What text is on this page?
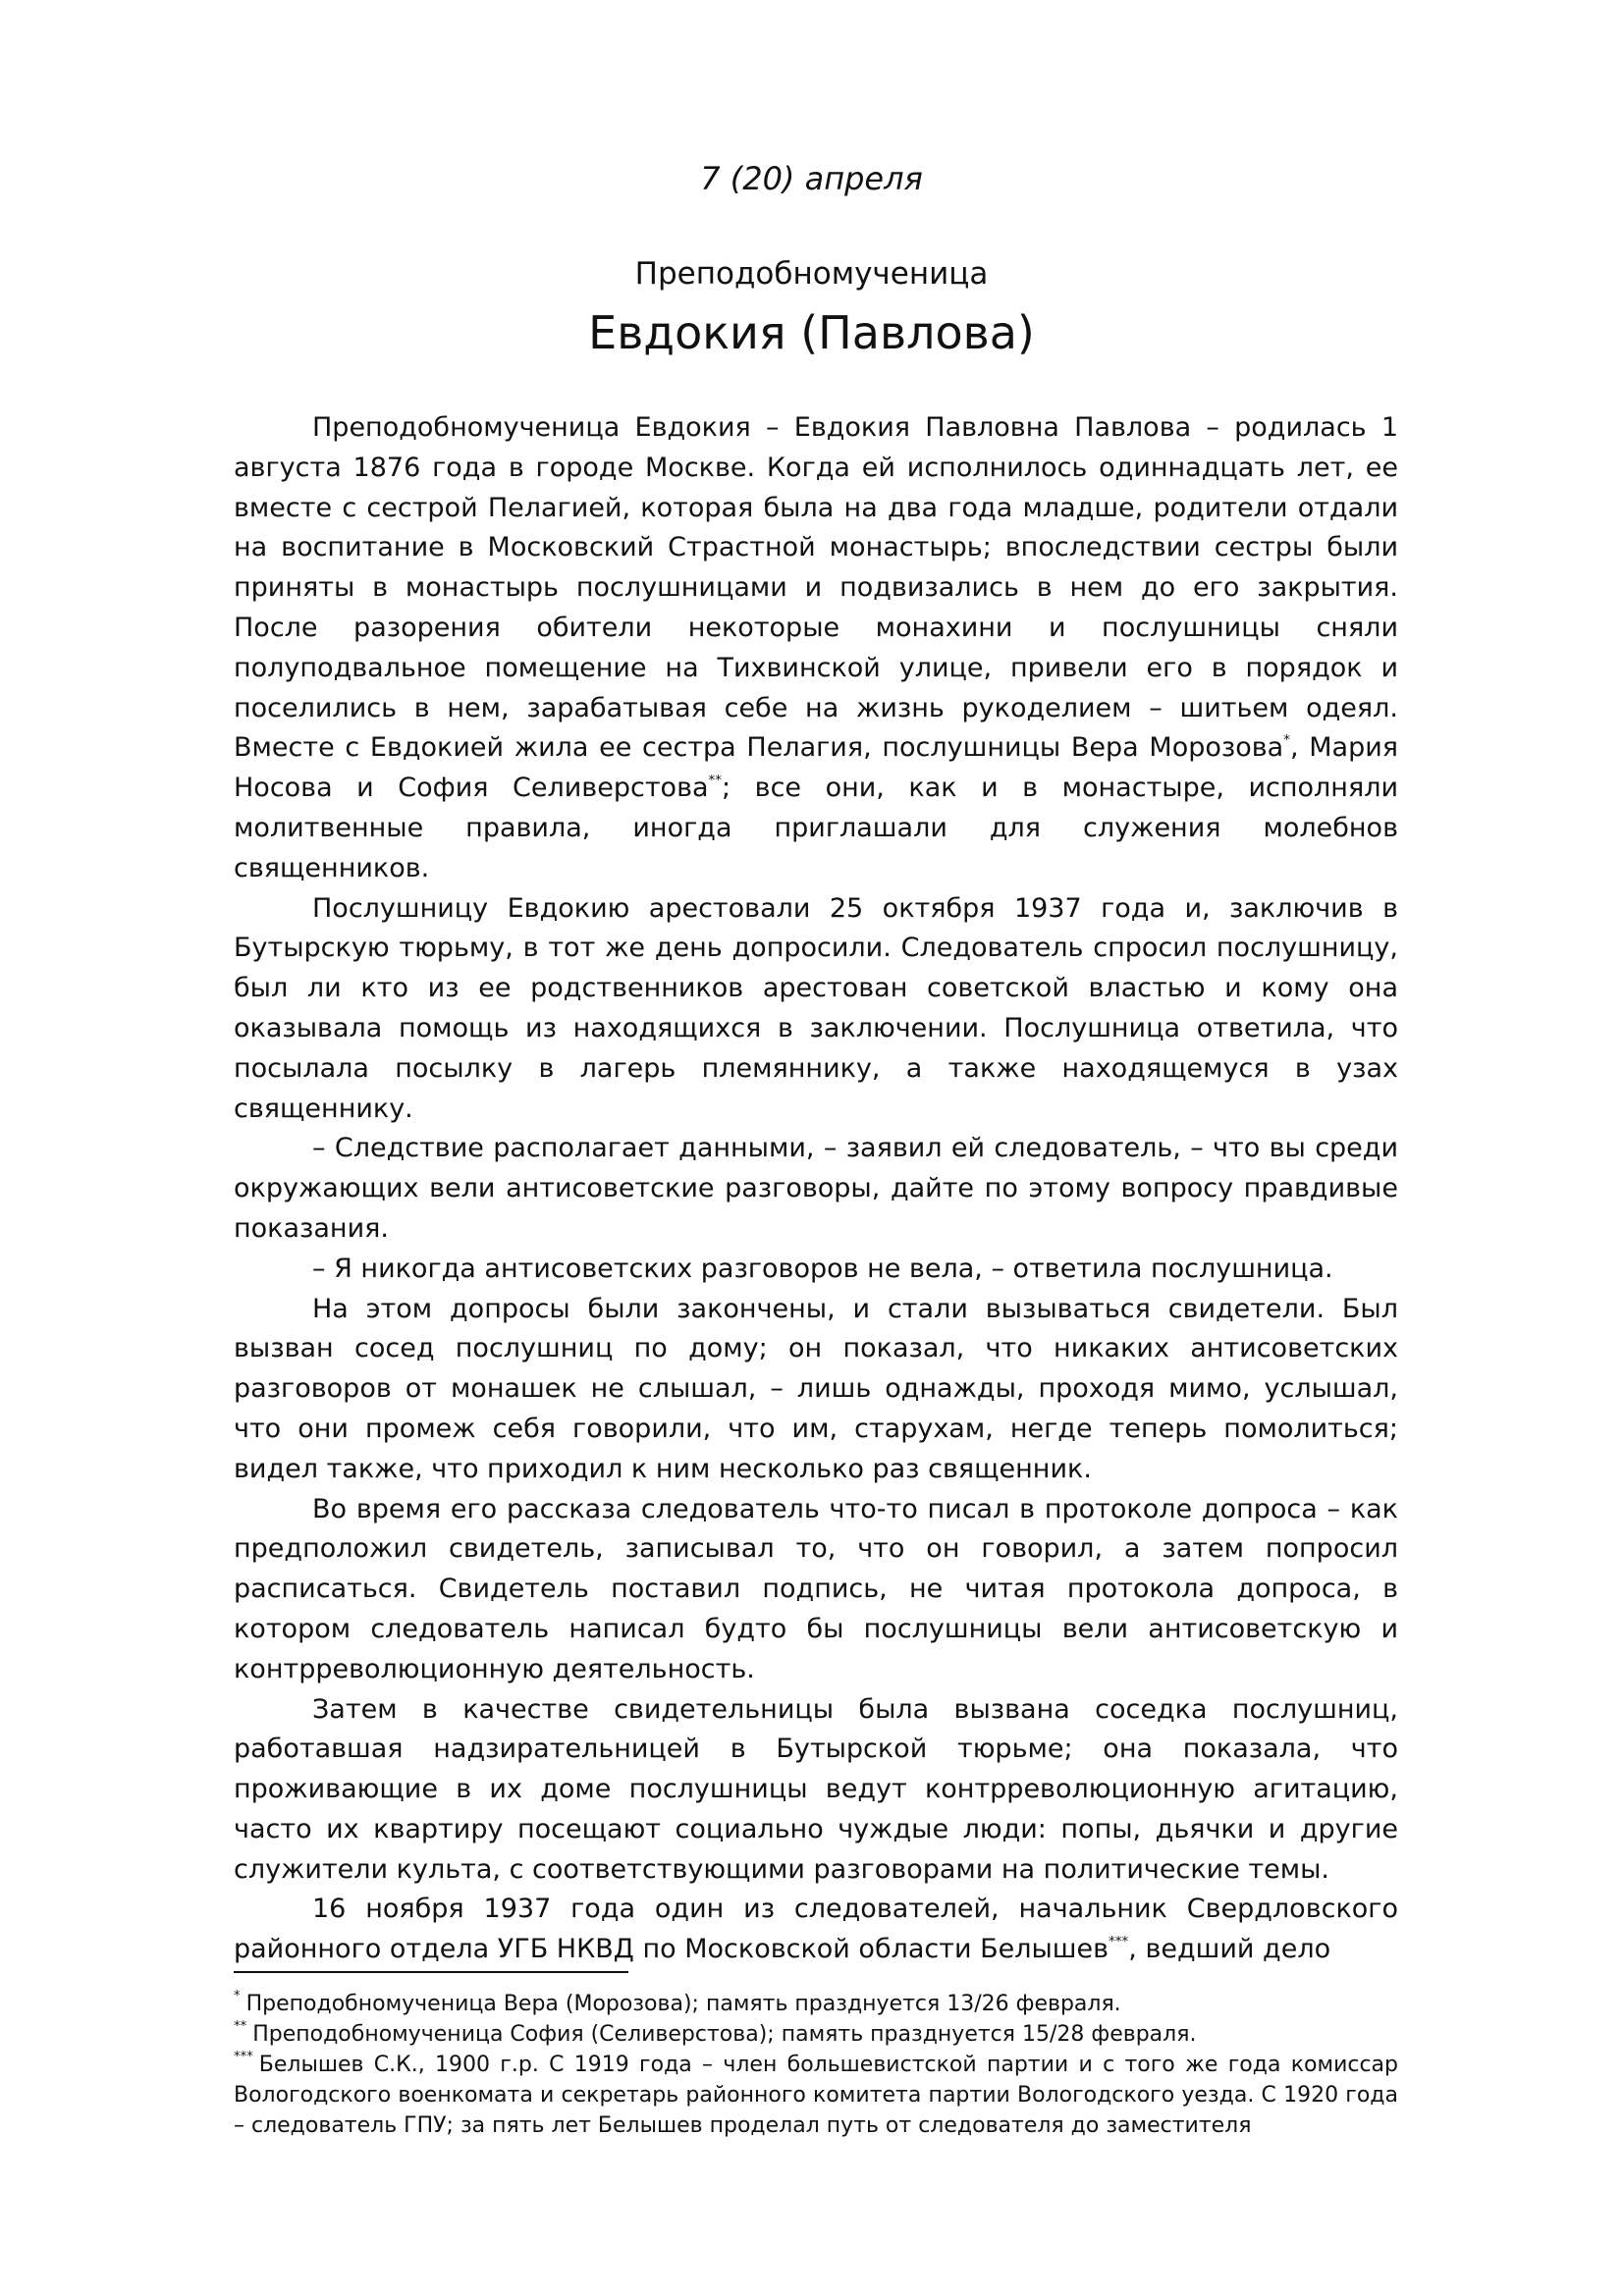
7 (20) апреля
Преподобномученица
Евдокия (Павлова)

Преподобномученица Евдокия – Евдокия Павловна Павлова – родилась 1 августа 1876 года в городе Москве. Когда ей исполнилось одиннадцать лет, ее вместе с сестрой Пелагией, которая была на два года младше, родители отдали на воспитание в Московский Страстной монастырь; впоследствии сестры были приняты в монастырь послушницами и подвизались в нем до его закрытия. После разорения обители некоторые монахини и послушницы сняли полуподвальное помещение на Тихвинской улице, привели его в порядок и поселились в нем, зарабатывая себе на жизнь рукоделием – шитьем одеял. Вместе с Евдокией жила ее сестра Пелагия, послушницы Вера Морозова*, Мария Носова и София Селиверстова**; все они, как и в монастыре, исполняли молитвенные правила, иногда приглашали для служения молебнов священников.

Послушницу Евдокию арестовали 25 октября 1937 года и, заключив в Бутырскую тюрьму, в тот же день допросили. Следователь спросил послушницу, был ли кто из ее родственников арестован советской властью и кому она оказывала помощь из находящихся в заключении. Послушница ответила, что посылала посылку в лагерь племяннику, а также находящемуся в узах священнику.

– Следствие располагает данными, – заявил ей следователь, – что вы среди окружающих вели антисоветские разговоры, дайте по этому вопросу правдивые показания.

– Я никогда антисоветских разговоров не вела, – ответила послушница.

На этом допросы были закончены, и стали вызываться свидетели. Был вызван сосед послушниц по дому; он показал, что никаких антисоветских разговоров от монашек не слышал, – лишь однажды, проходя мимо, услышал, что они промеж себя говорили, что им, старухам, негде теперь помолиться; видел также, что приходил к ним несколько раз священник.

Во время его рассказа следователь что-то писал в протоколе допроса – как предположил свидетель, записывал то, что он говорил, а затем попросил расписаться. Свидетель поставил подпись, не читая протокола допроса, в котором следователь написал будто бы послушницы вели антисоветскую и контрреволюционную деятельность.

Затем в качестве свидетельницы была вызвана соседка послушниц, работавшая надзирательницей в Бутырской тюрьме; она показала, что проживающие в их доме послушницы ведут контрреволюционную агитацию, часто их квартиру посещают социально чуждые люди: попы, дьячки и другие служители культа, с соответствующими разговорами на политические темы.

16 ноября 1937 года один из следователей, начальник Свердловского районного отдела УГБ НКВД по Московской области Белышев***, ведший дело

* Преподобномученица Вера (Морозова); память празднуется 13/26 февраля.

** Преподобномученица София (Селиверстова); память празднуется 15/28 февраля.

*** Белышев С.К., 1900 г.р. С 1919 года – член большевистской партии и с того же года комиссар Вологодского военкомата и секретарь районного комитета партии Вологодского уезда. С 1920 года – следователь ГПУ; за пять лет Белышев проделал путь от следователя до заместителя
